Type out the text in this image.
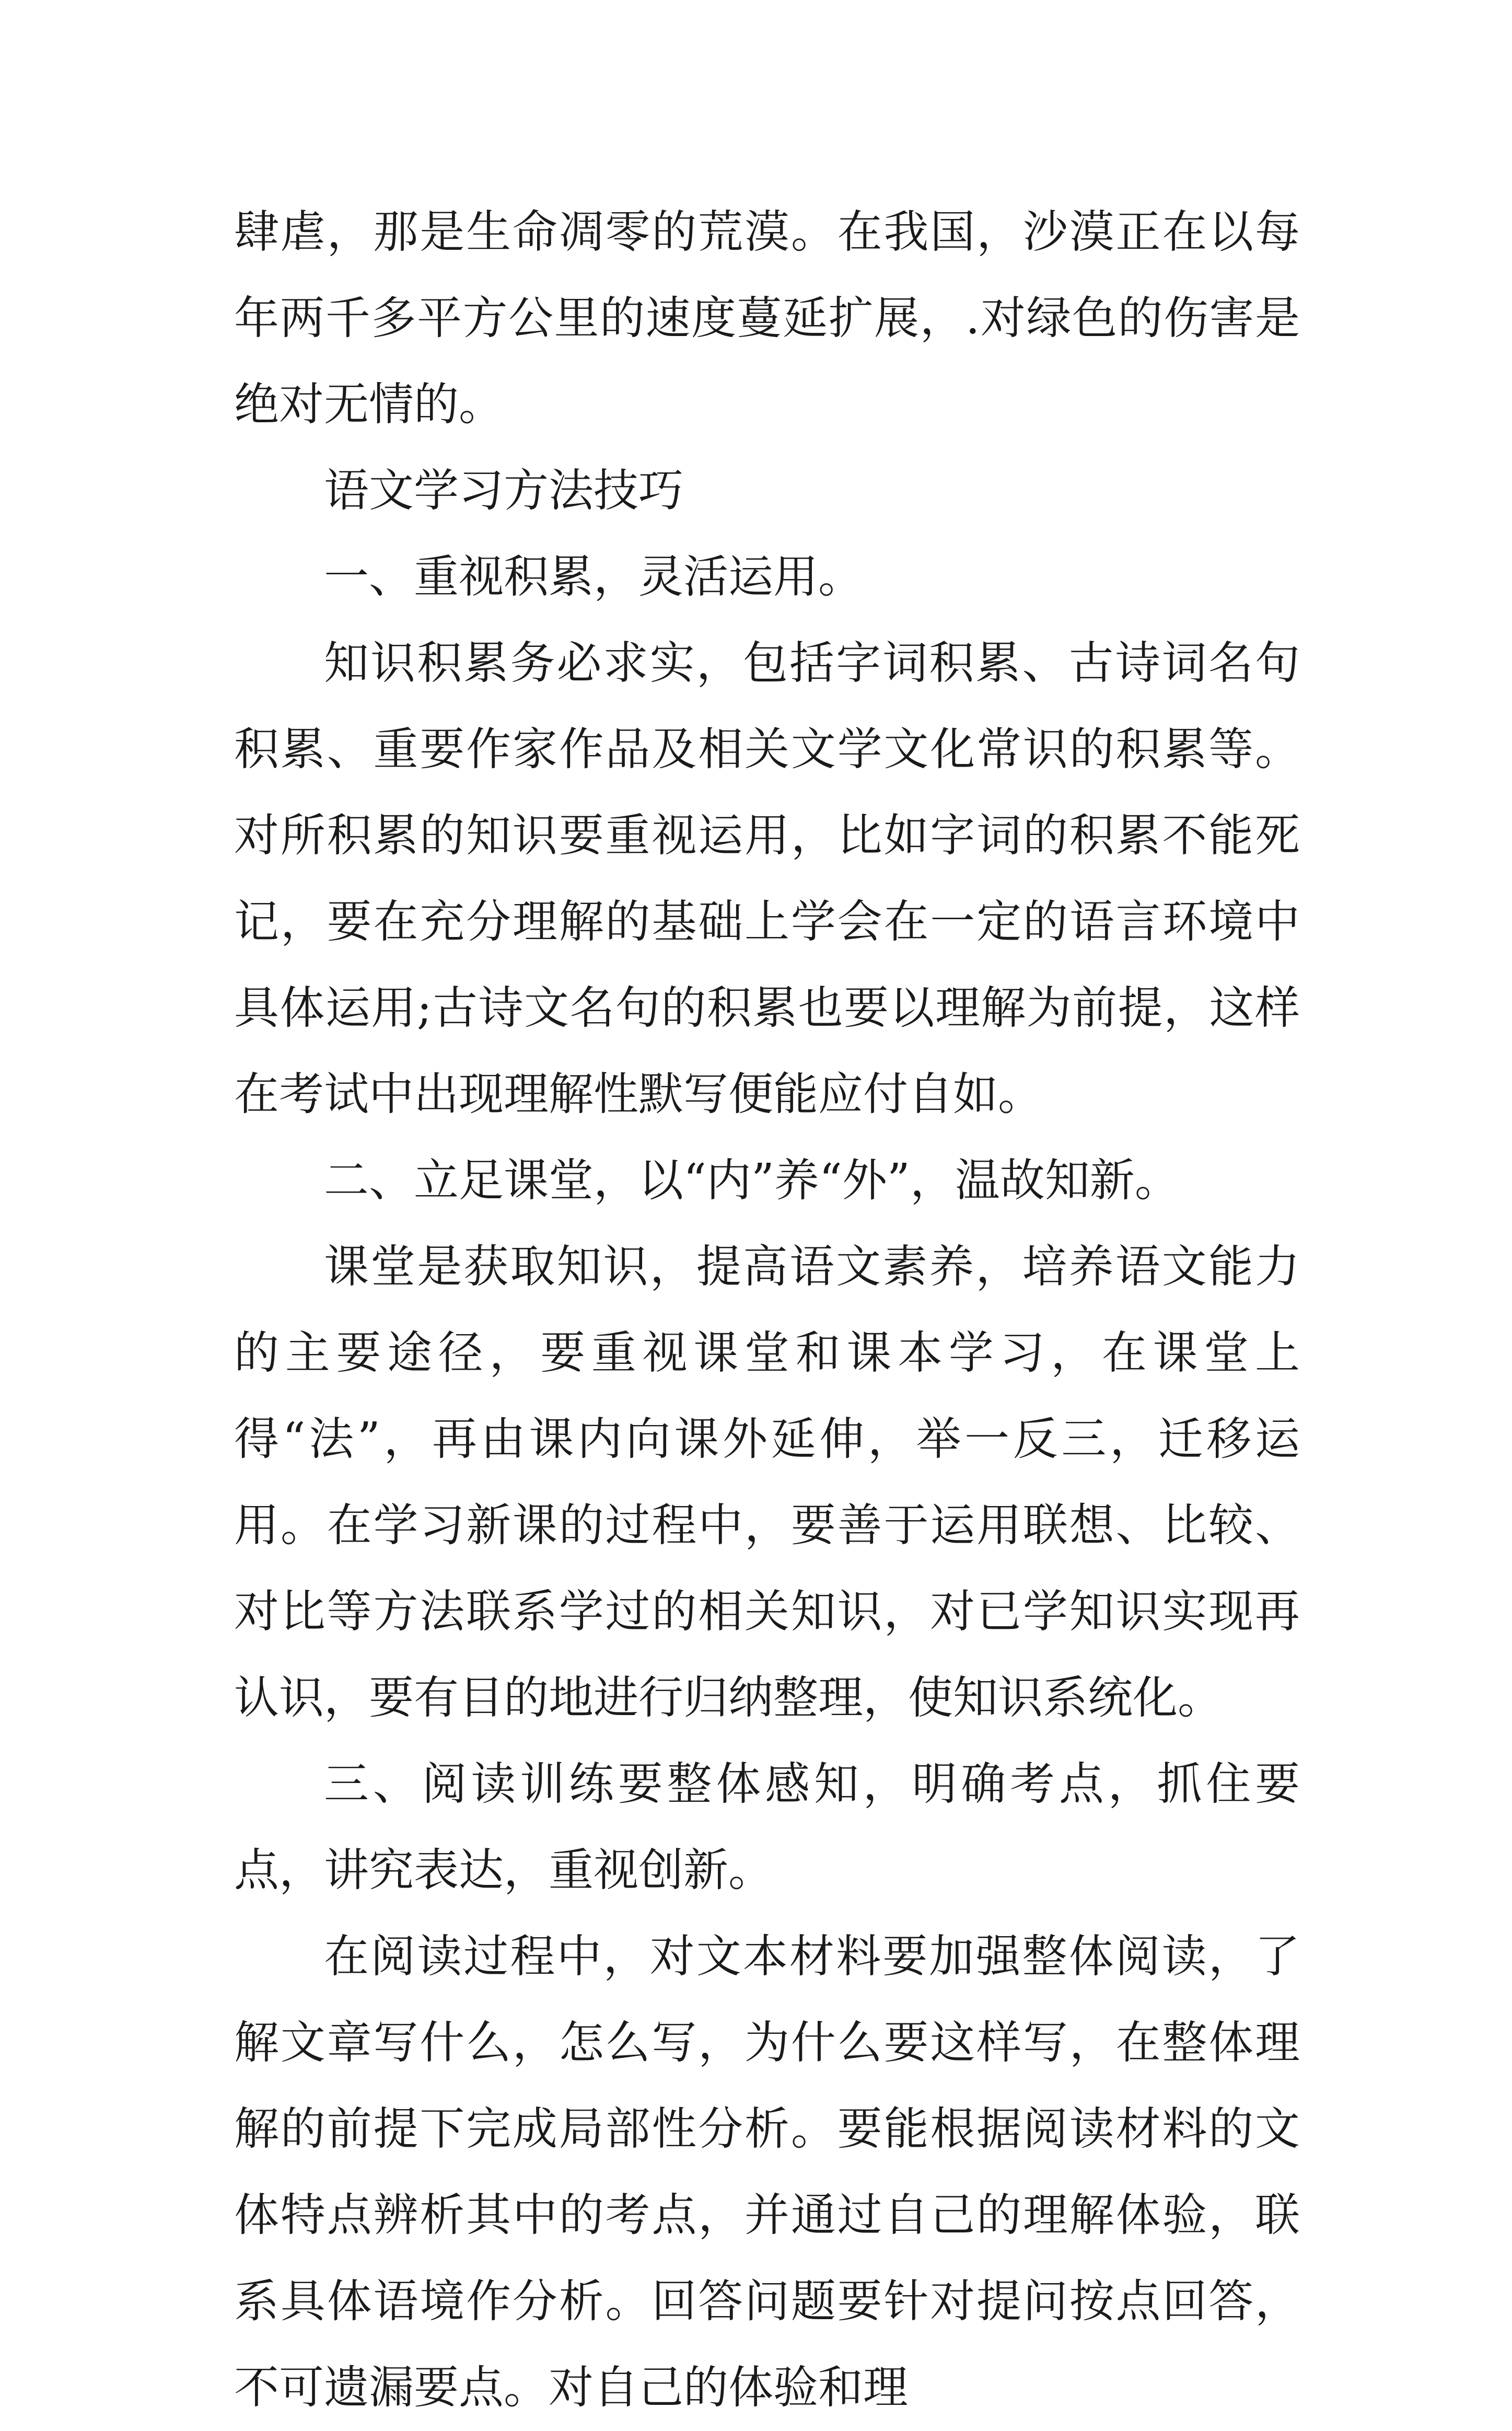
肆虐，那是生命凋零的荒漠。在我国，沙漠正在以每年两千多平方公里的速度蔓延扩展，.对绿色的伤害是绝对无情的。

语文学习方法技巧

一、重视积累，灵活运用。

知识积累务必求实，包括字词积累、古诗词名句积累、重要作家作品及相关文学文化常识的积累等。对所积累的知识要重视运用，比如字词的积累不能死记，要在充分理解的基础上学会在一定的语言环境中具体运用;古诗文名句的积累也要以理解为前提，这样在考试中出现理解性默写便能应付自如。

二、立足课堂，以“内”养“外”，温故知新。

课堂是获取知识，提高语文素养，培养语文能力的主要途径，要重视课堂和课本学习，在课堂上得“法”，再由课内向课外延伸，举一反三，迁移运用。在学习新课的过程中，要善于运用联想、比较、对比等方法联系学过的相关知识，对已学知识实现再认识，要有目的地进行归纳整理，使知识系统化。

三、阅读训练要整体感知，明确考点，抓住要点，讲究表达，重视创新。

在阅读过程中，对文本材料要加强整体阅读，了解文章写什么，怎么写，为什么要这样写，在整体理解的前提下完成局部性分析。要能根据阅读材料的文体特点辨析其中的考点，并通过自己的理解体验，联系具体语境作分析。回答问题要针对提问按点回答，不可遗漏要点。对自己的体验和理
